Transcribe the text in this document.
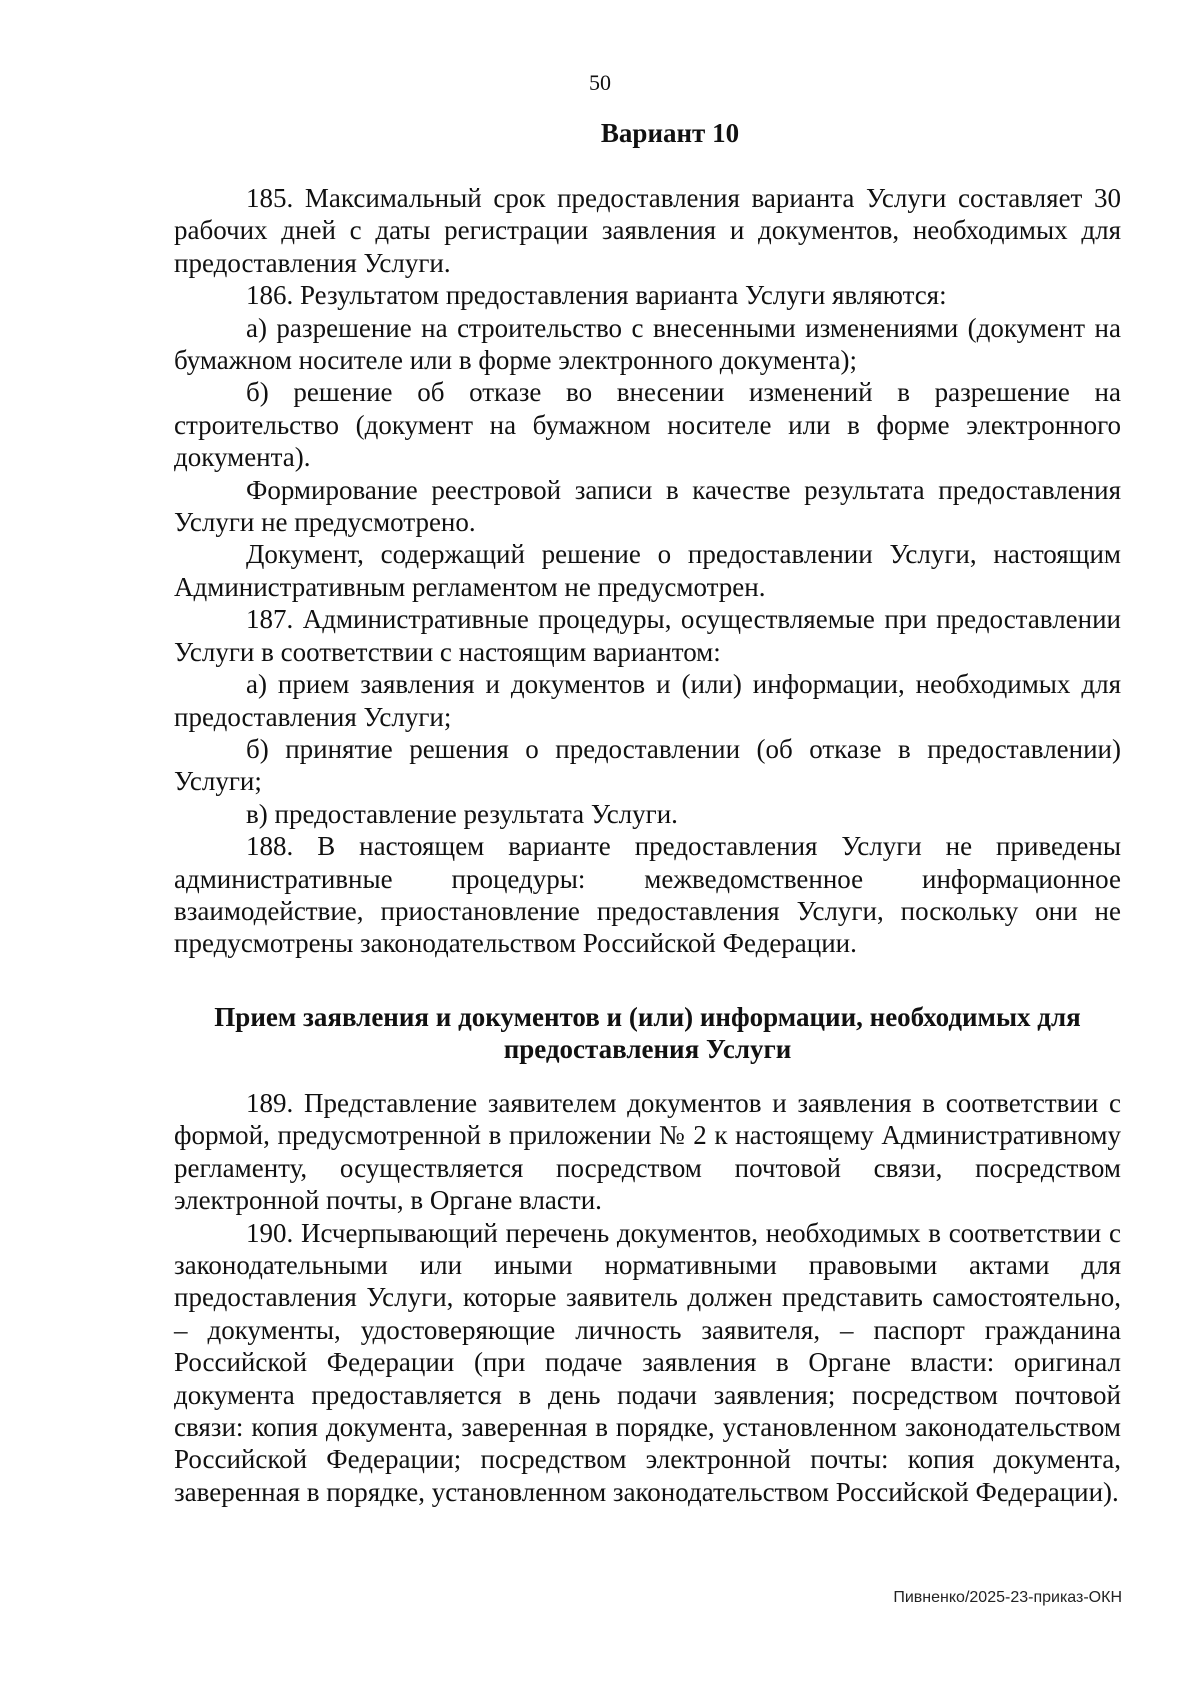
50
Вариант 10

185. Максимальный срок предоставления варианта Услуги составляет 30 рабочих дней с даты регистрации заявления и документов, необходимых для предоставления Услуги.

186. Результатом предоставления варианта Услуги являются:

а) разрешение на строительство с внесенными изменениями (документ на бумажном носителе или в форме электронного документа);

б) решение об отказе во внесении изменений в разрешение на строительство (документ на бумажном носителе или в форме электронного документа).

Формирование реестровой записи в качестве результата предоставления Услуги не предусмотрено.

Документ, содержащий решение о предоставлении Услуги, настоящим Административным регламентом не предусмотрен.

187. Административные процедуры, осуществляемые при предоставлении Услуги в соответствии с настоящим вариантом:

а) прием заявления и документов и (или) информации, необходимых для предоставления Услуги;

б) принятие решения о предоставлении (об отказе в предоставлении) Услуги;

в) предоставление результата Услуги.

188. В настоящем варианте предоставления Услуги не приведены административные процедуры: межведомственное информационное взаимодействие, приостановление предоставления Услуги, поскольку они не предусмотрены законодательством Российской Федерации.

Прием заявления и документов и (или) информации, необходимых для предоставления Услуги

189. Представление заявителем документов и заявления в соответствии с формой, предусмотренной в приложении № 2 к настоящему Административному регламенту, осуществляется посредством почтовой связи, посредством электронной почты, в Органе власти.

190. Исчерпывающий перечень документов, необходимых в соответствии с законодательными или иными нормативными правовыми актами для предоставления Услуги, которые заявитель должен представить самостоятельно, – документы, удостоверяющие личность заявителя, – паспорт гражданина Российской Федерации (при подаче заявления в Органе власти: оригинал документа предоставляется в день подачи заявления; посредством почтовой связи: копия документа, заверенная в порядке, установленном законодательством Российской Федерации; посредством электронной почты: копия документа, заверенная в порядке, установленном законодательством Российской Федерации).

Пивненко/2025-23-приказ-ОКН
